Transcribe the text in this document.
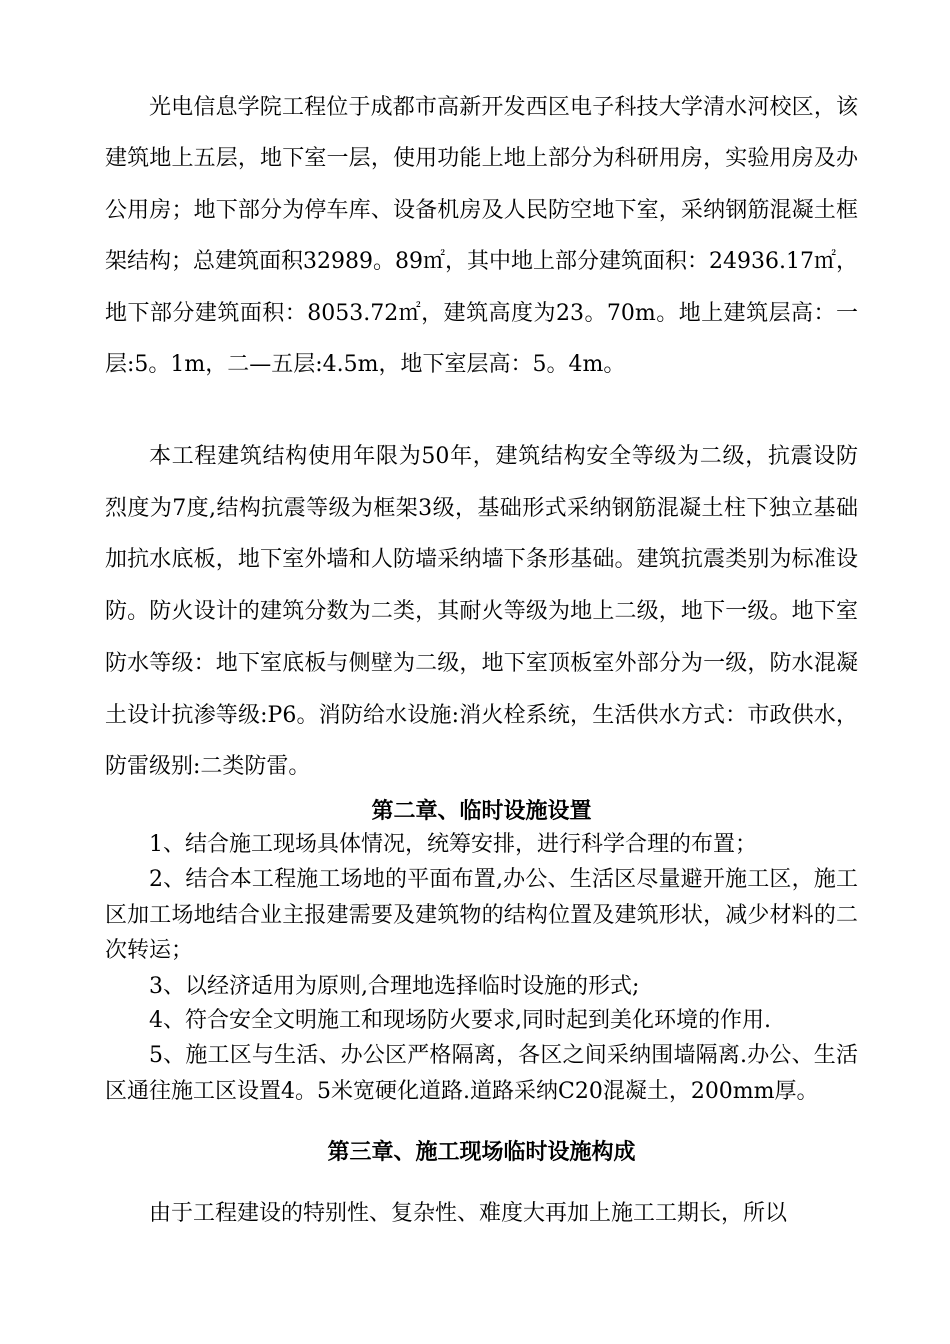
光电信息学院工程位于成都市高新开发西区电子科技大学清水河校区，该建筑地上五层，地下室一层，使用功能上地上部分为科研用房，实验用房及办公用房；地下部分为停车库、设备机房及人民防空地下室，采纳钢筋混凝土框架结构；总建筑面积32989。89㎡，其中地上部分建筑面积：24936.17㎡，地下部分建筑面积：8053.72㎡，建筑高度为23。70m。地上建筑层高：一层:5。1m，二—五层:4.5m，地下室层高：5。4m。

本工程建筑结构使用年限为50年，建筑结构安全等级为二级，抗震设防烈度为7度,结构抗震等级为框架3级，基础形式采纳钢筋混凝土柱下独立基础加抗水底板，地下室外墙和人防墙采纳墙下条形基础。建筑抗震类别为标准设防。防火设计的建筑分数为二类，其耐火等级为地上二级，地下一级。地下室防水等级：地下室底板与侧壁为二级，地下室顶板室外部分为一级，防水混凝土设计抗渗等级:P6。消防给水设施:消火栓系统，生活供水方式：市政供水，防雷级别:二类防雷。

第二章、临时设施设置

1、结合施工现场具体情况，统筹安排，进行科学合理的布置；

2、结合本工程施工场地的平面布置,办公、生活区尽量避开施工区，施工区加工场地结合业主报建需要及建筑物的结构位置及建筑形状，减少材料的二次转运；

3、以经济适用为原则,合理地选择临时设施的形式;

4、符合安全文明施工和现场防火要求,同时起到美化环境的作用.

5、施工区与生活、办公区严格隔离，各区之间采纳围墙隔离.办公、生活区通往施工区设置4。5米宽硬化道路.道路采纳C20混凝土，200mm厚。

第三章、施工现场临时设施构成

由于工程建设的特别性、复杂性、难度大再加上施工工期长，所以
